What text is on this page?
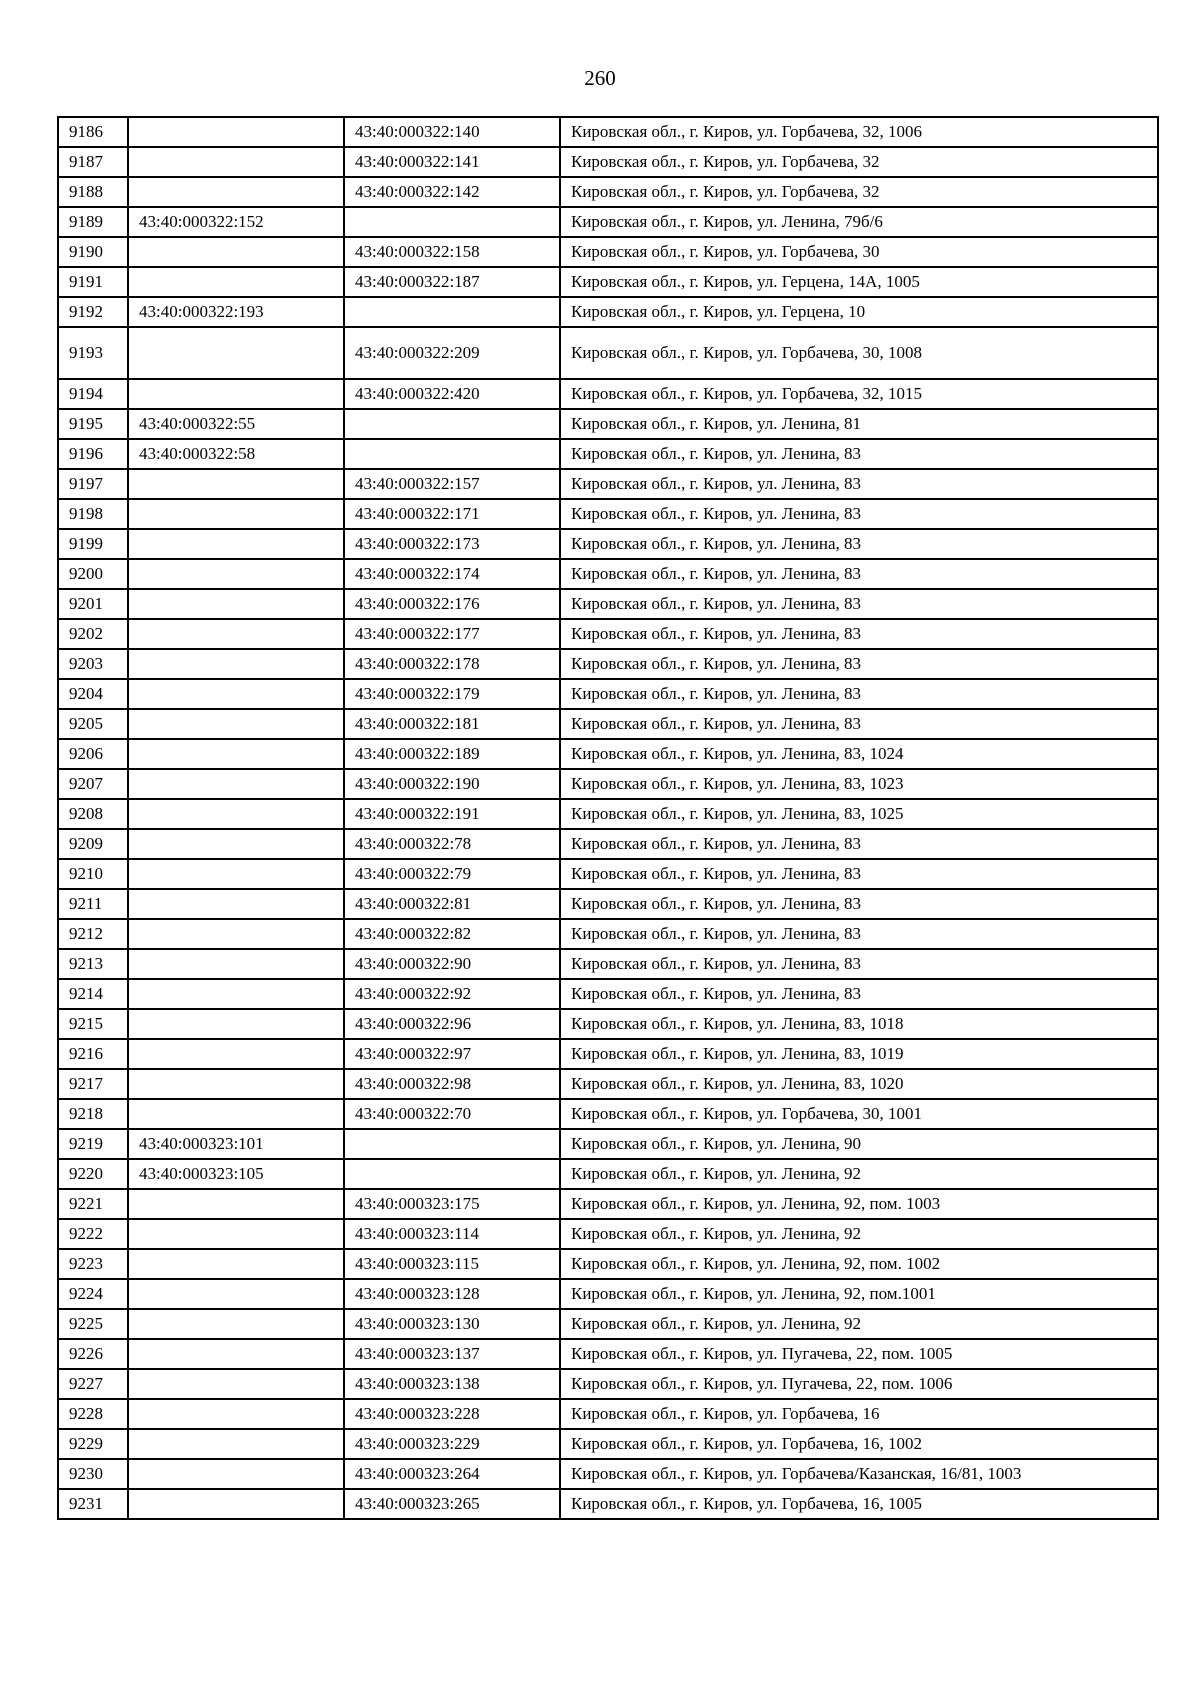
260
9186		43:40:000322:140	Кировская обл., г. Киров, ул. Горбачева, 32, 1006
9187		43:40:000322:141	Кировская обл., г. Киров, ул. Горбачева, 32
9188		43:40:000322:142	Кировская обл., г. Киров, ул. Горбачева, 32
9189	43:40:000322:152		Кировская обл., г. Киров, ул. Ленина, 79б/6
9190		43:40:000322:158	Кировская обл., г. Киров, ул. Горбачева, 30
9191		43:40:000322:187	Кировская обл., г. Киров, ул. Герцена, 14А, 1005
9192	43:40:000322:193		Кировская обл., г. Киров, ул. Герцена, 10
9193		43:40:000322:209	Кировская обл., г. Киров, ул. Горбачева, 30, 1008
9194		43:40:000322:420	Кировская обл., г. Киров, ул. Горбачева, 32, 1015
9195	43:40:000322:55		Кировская обл., г. Киров, ул. Ленина, 81
9196	43:40:000322:58		Кировская обл., г. Киров, ул. Ленина, 83
9197		43:40:000322:157	Кировская обл., г. Киров, ул. Ленина, 83
9198		43:40:000322:171	Кировская обл., г. Киров, ул. Ленина, 83
9199		43:40:000322:173	Кировская обл., г. Киров, ул. Ленина, 83
9200		43:40:000322:174	Кировская обл., г. Киров, ул. Ленина, 83
9201		43:40:000322:176	Кировская обл., г. Киров, ул. Ленина, 83
9202		43:40:000322:177	Кировская обл., г. Киров, ул. Ленина, 83
9203		43:40:000322:178	Кировская обл., г. Киров, ул. Ленина, 83
9204		43:40:000322:179	Кировская обл., г. Киров, ул. Ленина, 83
9205		43:40:000322:181	Кировская обл., г. Киров, ул. Ленина, 83
9206		43:40:000322:189	Кировская обл., г. Киров, ул. Ленина, 83, 1024
9207		43:40:000322:190	Кировская обл., г. Киров, ул. Ленина, 83, 1023
9208		43:40:000322:191	Кировская обл., г. Киров, ул. Ленина, 83, 1025
9209		43:40:000322:78	Кировская обл., г. Киров, ул. Ленина, 83
9210		43:40:000322:79	Кировская обл., г. Киров, ул. Ленина, 83
9211		43:40:000322:81	Кировская обл., г. Киров, ул. Ленина, 83
9212		43:40:000322:82	Кировская обл., г. Киров, ул. Ленина, 83
9213		43:40:000322:90	Кировская обл., г. Киров, ул. Ленина, 83
9214		43:40:000322:92	Кировская обл., г. Киров, ул. Ленина, 83
9215		43:40:000322:96	Кировская обл., г. Киров, ул. Ленина, 83, 1018
9216		43:40:000322:97	Кировская обл., г. Киров, ул. Ленина, 83, 1019
9217		43:40:000322:98	Кировская обл., г. Киров, ул. Ленина, 83, 1020
9218		43:40:000322:70	Кировская обл., г. Киров, ул. Горбачева, 30, 1001
9219	43:40:000323:101		Кировская обл., г. Киров, ул. Ленина, 90
9220	43:40:000323:105		Кировская обл., г. Киров, ул. Ленина, 92
9221		43:40:000323:175	Кировская обл., г. Киров, ул. Ленина, 92, пом. 1003
9222		43:40:000323:114	Кировская обл., г. Киров, ул. Ленина, 92
9223		43:40:000323:115	Кировская обл., г. Киров, ул. Ленина, 92, пом. 1002
9224		43:40:000323:128	Кировская обл., г. Киров, ул. Ленина, 92, пом.1001
9225		43:40:000323:130	Кировская обл., г. Киров, ул. Ленина, 92
9226		43:40:000323:137	Кировская обл., г. Киров, ул. Пугачева, 22, пом. 1005
9227		43:40:000323:138	Кировская обл., г. Киров, ул. Пугачева, 22, пом. 1006
9228		43:40:000323:228	Кировская обл., г. Киров, ул. Горбачева, 16
9229		43:40:000323:229	Кировская обл., г. Киров, ул. Горбачева, 16, 1002
9230		43:40:000323:264	Кировская обл., г. Киров, ул. Горбачева/Казанская, 16/81, 1003
9231		43:40:000323:265	Кировская обл., г. Киров, ул. Горбачева, 16, 1005
